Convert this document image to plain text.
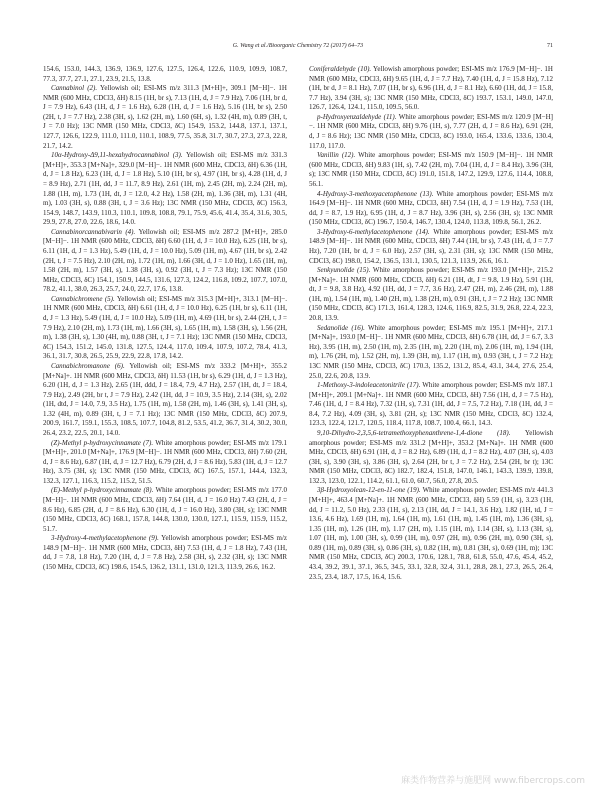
G. Wang et al./Bioorganic Chemistry 72 (2017) 64–73	71

154.6, 153.0, 144.3, 136.9, 136.9, 127.6, 127.5, 126.4, 122.6, 110.9, 109.9, 108.7, 77.3, 37.7, 27.1, 27.1, 23.9, 21.5, 13.8.

Cannabinol (2). Yellowish oil; ESI-MS m/z 311.3 [M+H]+, 309.1 [M−H]−. 1H NMR (600 MHz, CDCl3, δH) 8.15 (1H, br s), 7.13 (1H, d, J = 7.9 Hz), 7.06 (1H, br d, J = 7.9 Hz), 6.43 (1H, d, J = 1.6 Hz), 6.28 (1H, d, J = 1.6 Hz), 5.16 (1H, br s), 2.50 (2H, t, J = 7.7 Hz), 2.38 (3H, s), 1.62 (2H, m), 1.60 (6H, s), 1.32 (4H, m), 0.89 (3H, t, J = 7.0 Hz); 13C NMR (150 MHz, CDCl3, δC) 154.9, 153.2, 144.8, 137.1, 137.1, 127.7, 126.6, 122.9, 111.0, 111.0, 110.1, 108.9, 77.5, 35.8, 31.7, 30.7, 27.3, 27.3, 22.8, 21.7, 14.2.

10α-Hydroxy-Δ9,11-hexahydrocannabinol (3). Yellowish oil; ESI-MS m/z 331.3 [M+H]+, 353.3 [M+Na]+, 329.0 [M−H]−. 1H NMR (600 MHz, CDCl3, δH) 6.36 (1H, d, J = 1.8 Hz), 6.23 (1H, d, J = 1.8 Hz), 5.10 (1H, br s), 4.97 (1H, br s), 4.28 (1H, d, J = 8.9 Hz), 2.71 (1H, dd, J = 11.7, 8.9 Hz), 2.61 (1H, m), 2.45 (2H, m), 2.24 (2H, m), 1.88 (1H, m), 1.73 (1H, dt, J = 12.0, 4.2 Hz), 1.58 (2H, m), 1.36 (3H, m), 1.31 (4H, m), 1.03 (3H, s), 0.88 (3H, t, J = 3.6 Hz); 13C NMR (150 MHz, CDCl3, δC) 156.3, 154.9, 148.7, 143.9, 110.3, 110.1, 109.8, 108.8, 79.1, 75.9, 45.6, 41.4, 35.4, 31.6, 30.5, 29.9, 27.8, 27.0, 22.6, 18.6, 14.0.

Cannabinorcannabivarin (4). Yellowish oil; ESI-MS m/z 287.2 [M+H]+, 285.0 [M−H]−. 1H NMR (600 MHz, CDCl3, δH) 6.60 (1H, d, J = 10.0 Hz), 6.25 (1H, br s), 6.11 (1H, d, J = 1.3 Hz), 5.49 (1H, d, J = 10.0 Hz), 5.09 (1H, m), 4.67 (1H, br s), 2.42 (2H, t, J = 7.5 Hz), 2.10 (2H, m), 1.72 (1H, m), 1.66 (3H, d, J = 1.0 Hz), 1.65 (1H, m), 1.58 (2H, m), 1.57 (3H, s), 1.38 (3H, s), 0.92 (3H, t, J = 7.3 Hz); 13C NMR (150 MHz, CDCl3, δC) 154.1, 150.9, 144.5, 131.6, 127.3, 124.2, 116.8, 109.2, 107.7, 107.0, 78.2, 41.1, 38.0, 26.3, 25.7, 24.0, 22.7, 17.6, 13.8.

Cannabichromene (5). Yellowish oil; ESI-MS m/z 315.3 [M+H]+, 313.1 [M−H]−. 1H NMR (600 MHz, CDCl3, δH) 6.61 (1H, d, J = 10.0 Hz), 6.25 (1H, br s), 6.11 (1H, d, J = 1.3 Hz), 5.49 (1H, d, J = 10.0 Hz), 5.09 (1H, m), 4.69 (1H, br s), 2.44 (2H, t, J = 7.9 Hz), 2.10 (2H, m), 1.73 (1H, m), 1.66 (3H, s), 1.65 (1H, m), 1.58 (3H, s), 1.56 (2H, m), 1.38 (3H, s), 1.30 (4H, m), 0.88 (3H, t, J = 7.1 Hz); 13C NMR (150 MHz, CDCl3, δC) 154.3, 151.2, 145.0, 131.8, 127.5, 124.4, 117.0, 109.4, 107.9, 107.2, 78.4, 41.3, 36.1, 31.7, 30.8, 26.5, 25.9, 22.9, 22.8, 17.8, 14.2.

Cannabichromanone (6). Yellowish oil; ESI-MS m/z 333.2 [M+H]+, 355.2 [M+Na]+. 1H NMR (600 MHz, CDCl3, δH) 11.53 (1H, br s), 6.29 (1H, d, J = 1.3 Hz), 6.20 (1H, d, J = 1.3 Hz), 2.65 (1H, ddd, J = 18.4, 7.9, 4.7 Hz), 2.57 (1H, dt, J = 18.4, 7.9 Hz), 2.49 (2H, br t, J = 7.9 Hz), 2.42 (1H, dd, J = 10.9, 3.5 Hz), 2.14 (3H, s), 2.02 (1H, dtd, J = 14.0, 7.9, 3.5 Hz), 1.75 (1H, m), 1.58 (2H, m), 1.46 (3H, s), 1.41 (3H, s), 1.32 (4H, m), 0.89 (3H, t, J = 7.1 Hz); 13C NMR (150 MHz, CDCl3, δC) 207.9, 200.9, 161.7, 159.1, 155.3, 108.5, 107.7, 104.8, 81.2, 53.5, 41.2, 36.7, 31.4, 30.2, 30.0, 26.4, 23.2, 22.5, 20.1, 14.0.

(Z)-Methyl p-hydroxycinnamate (7). White amorphous powder; ESI-MS m/z 179.1 [M+H]+, 201.0 [M+Na]+, 176.9 [M−H]−. 1H NMR (600 MHz, CDCl3, δH) 7.60 (2H, d, J = 8.6 Hz), 6.87 (1H, d, J = 12.7 Hz), 6.79 (2H, d, J = 8.6 Hz), 5.83 (1H, d, J = 12.7 Hz), 3.75 (3H, s); 13C NMR (150 MHz, CDCl3, δC) 167.5, 157.1, 144.4, 132.3, 132.3, 127.1, 116.3, 115.2, 115.2, 51.5.

(E)-Methyl p-hydroxycinnamate (8). White amorphous powder; ESI-MS m/z 177.0 [M−H]−. 1H NMR (600 MHz, CDCl3, δH) 7.64 (1H, d, J = 16.0 Hz) 7.43 (2H, d, J = 8.6 Hz), 6.85 (2H, d, J = 8.6 Hz), 6.30 (1H, d, J = 16.0 Hz), 3.80 (3H, s); 13C NMR (150 MHz, CDCl3, δC) 168.1, 157.8, 144.8, 130.0, 130.0, 127.1, 115.9, 115.9, 115.2, 51.7.

3-Hydroxy-4-methylacetophenone (9). Yellowish amorphous powder; ESI-MS m/z 148.9 [M−H]−. 1H NMR (600 MHz, CDCl3, δH) 7.53 (1H, d, J = 1.8 Hz), 7.43 (1H, dd, J = 7.8, 1.8 Hz), 7.20 (1H, d, J = 7.8 Hz), 2.58 (3H, s), 2.32 (3H, s); 13C NMR (150 MHz, CDCl3, δC) 198.6, 154.5, 136.2, 131.1, 131.0, 121.3, 113.9, 26.6, 16.2.

Coniferaldehyde (10). Yellowish amorphous powder; ESI-MS m/z 176.9 [M−H]−. 1H NMR (600 MHz, CDCl3, δH) 9.65 (1H, d, J = 7.7 Hz), 7.40 (1H, d, J = 15.8 Hz), 7.12 (1H, br d, J = 8.1 Hz), 7.07 (1H, br s), 6.96 (1H, d, J = 8.1 Hz), 6.60 (1H, dd, J = 15.8, 7.7 Hz), 3.94 (3H, s); 13C NMR (150 MHz, CDCl3, δC) 193.7, 153.1, 149.0, 147.0, 126.7, 126.4, 124.1, 115.0, 109.5, 56.0.

p-Hydroxyenzaldehyde (11). White amorphous powder; ESI-MS m/z 120.9 [M−H]−. 1H NMR (600 MHz, CDCl3, δH) 9.76 (1H, s), 7.77 (2H, d, J = 8.6 Hz), 6.91 (2H, d, J = 8.6 Hz); 13C NMR (150 MHz, CDCl3, δC) 193.0, 165.4, 133.6, 133.6, 130.4, 117.0, 117.0.

Vanillin (12). White amorphous powder; ESI-MS m/z 150.9 [M−H]−. 1H NMR (600 MHz, CDCl3, δH) 9.83 (1H, s), 7.42 (2H, m), 7.04 (1H, d, J = 8.4 Hz), 3.96 (3H, s); 13C NMR (150 MHz, CDCl3, δC) 191.0, 151.8, 147.2, 129.9, 127.6, 114.4, 108.8, 56.1.

4-Hydroxy-3-methoxyacetophenone (13). White amorphous powder; ESI-MS m/z 164.9 [M−H]−. 1H NMR (600 MHz, CDCl3, δH) 7.54 (1H, d, J = 1.9 Hz), 7.53 (1H, dd, J = 8.7, 1.9 Hz), 6.95 (1H, d, J = 8.7 Hz), 3.96 (3H, s), 2.56 (3H, s); 13C NMR (150 MHz, CDCl3, δC) 196.7, 150.4, 146.7, 130.4, 124.0, 113.8, 109.8, 56.1, 26.2.

3-Hydroxy-6-methylacetophenone (14). White amorphous powder; ESI-MS m/z 148.9 [M−H]−. 1H NMR (600 MHz, CDCl3, δH) 7.44 (1H, br s), 7.43 (1H, d, J = 7.7 Hz), 7.20 (1H, br d, J = 6.0 Hz), 2.57 (3H, s), 2.31 (3H, s); 13C NMR (150 MHz, CDCl3, δC) 198.0, 154.2, 136.5, 131.1, 130.5, 121.3, 113.9, 26.6, 16.1.

Senkyunolide (15). White amorphous powder; ESI-MS m/z 193.0 [M+H]+, 215.2 [M+Na]+. 1H NMR (600 MHz, CDCl3, δH) 6.21 (1H, dt, J = 9.8, 1.9 Hz), 5.91 (1H, dt, J = 9.8, 3.8 Hz), 4.92 (1H, dd, J = 7.7, 3.6 Hz), 2.47 (2H, m), 2.46 (2H, m), 1.88 (1H, m), 1.54 (1H, m), 1.40 (2H, m), 1.38 (2H, m), 0.91 (3H, t, J = 7.2 Hz); 13C NMR (150 MHz, CDCl3, δC) 171.3, 161.4, 128.3, 124.6, 116.9, 82.5, 31.9, 26.8, 22.4, 22.3, 20.8, 13.9.

Sedanolide (16). White amorphous powder; ESI-MS m/z 195.1 [M+H]+, 217.1 [M+Na]+, 193.0 [M−H]−. 1H NMR (600 MHz, CDCl3, δH) 6.78 (1H, dd, J = 6.7, 3.3 Hz), 3.95 (1H, m), 2.50 (1H, m), 2.35 (1H, m), 2.20 (1H, m), 2.06 (1H, m), 1.94 (1H, m), 1.76 (2H, m), 1.52 (2H, m), 1.39 (3H, m), 1.17 (1H, m), 0.93 (3H, t, J = 7.2 Hz); 13C NMR (150 MHz, CDCl3, δC) 170.3, 135.2, 131.2, 85.4, 43.1, 34.4, 27.6, 25.4, 25.0, 22.6, 20.8, 13.9.

1-Methoxy-3-indoleacetonitrile (17). White amorphous powder; ESI-MS m/z 187.1 [M+H]+, 209.1 [M+Na]+. 1H NMR (600 MHz, CDCl3, δH) 7.56 (1H, d, J = 7.5 Hz), 7.46 (1H, d, J = 8.4 Hz), 7.32 (1H, s), 7.31 (1H, dd, J = 7.5, 7.2 Hz), 7.18 (1H, dd, J = 8.4, 7.2 Hz), 4.09 (3H, s), 3.81 (2H, s); 13C NMR (150 MHz, CDCl3, δC) 132.4, 123.3, 122.4, 121.7, 120.5, 118.4, 117.8, 108.7, 100.4, 66.1, 14.3.

9,10-Dihydro-2,3,5,6-tetramethoxyphenanthrene-1,4-dione (18). Yellowish amorphous powder; ESI-MS m/z 331.2 [M+H]+, 353.2 [M+Na]+. 1H NMR (600 MHz, CDCl3, δH) 6.91 (1H, d, J = 8.2 Hz), 6.89 (1H, d, J = 8.2 Hz), 4.07 (3H, s), 4.03 (3H, s), 3.90 (3H, s), 3.86 (3H, s), 2.64 (2H, br t, J = 7.2 Hz), 2.54 (2H, br t); 13C NMR (150 MHz, CDCl3, δC) 182.7, 182.4, 151.8, 147.0, 146.1, 143.3, 139.9, 139.8, 132.3, 123.0, 122.1, 114.2, 61.1, 61.0, 60.7, 56.0, 27.8, 20.5.

3β-Hydroxyolean-12-en-11-one (19). White amorphous powder; ESI-MS m/z 441.3 [M+H]+, 463.4 [M+Na]+. 1H NMR (600 MHz, CDCl3, δH) 5.59 (1H, s), 3.23 (1H, dd, J = 11.2, 5.0 Hz), 2.33 (1H, s), 2.13 (1H, dd, J = 14.1, 3.6 Hz), 1.82 (1H, td, J = 13.6, 4.6 Hz), 1.69 (1H, m), 1.64 (1H, m), 1.61 (1H, m), 1.45 (1H, m), 1.36 (3H, s), 1.35 (1H, m), 1.26 (1H, m), 1.17 (2H, m), 1.15 (1H, m), 1.14 (3H, s), 1.13 (3H, s), 1.07 (1H, m), 1.00 (3H, s), 0.99 (1H, m), 0.97 (2H, m), 0.96 (2H, m), 0.90 (3H, s), 0.89 (1H, m), 0.89 (3H, s), 0.86 (3H, s), 0.82 (1H, m), 0.81 (3H, s), 0.69 (1H, m); 13C NMR (150 MHz, CDCl3, δC) 200.3, 170.6, 128.1, 78.8, 61.8, 55.0, 47.6, 45.4, 45.2, 43.4, 39.2, 39.1, 37.1, 36.5, 34.5, 33.1, 32.8, 32.4, 31.1, 28.8, 28.1, 27.3, 26.5, 26.4, 23.5, 23.4, 18.7, 17.5, 16.4, 15.6.

麻类作物营养与施肥网 www.fibercrops.com
